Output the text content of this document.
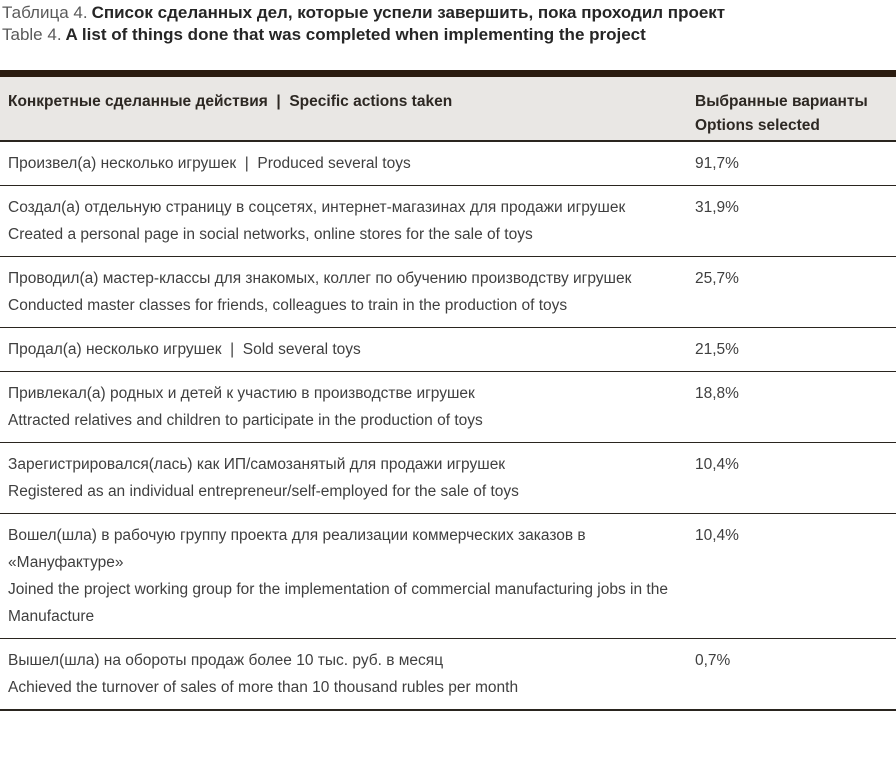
Таблица 4. Список сделанных дел, которые успели завершить, пока проходил проект

Table 4. A list of things done that was completed when implementing the project

Конкретные сделанные действия  |  Specific actions taken	Выбранные варианты
Options selected
Произвел(а) несколько игрушек  |  Produced several toys	91,7%
Создал(а) отдельную страницу в соцсетях, интернет-магазинах для продажи игрушек
Created a personal page in social networks, online stores for the sale of toys
31,9%
Проводил(а) мастер-классы для знакомых, коллег по обучению производству игрушек
Conducted master classes for friends, colleagues to train in the production of toys
25,7%
Продал(а) несколько игрушек  |  Sold several toys	21,5%
Привлекал(а) родных и детей к участию в производстве игрушек
Attracted relatives and children to participate in the production of toys
18,8%
Зарегистрировался(лась) как ИП/самозанятый для продажи игрушек
Registered as an individual entrepreneur/self-employed for the sale of toys
10,4%
Вошел(шла) в рабочую группу проекта для реализации коммерческих заказов в «Мануфактуре»
Joined the project working group for the implementation of commercial manufacturing jobs in the Manufacture
10,4%
Вышел(шла) на обороты продаж более 10 тыс. руб. в месяц
Achieved the turnover of sales of more than 10 thousand rubles per month
0,7%
